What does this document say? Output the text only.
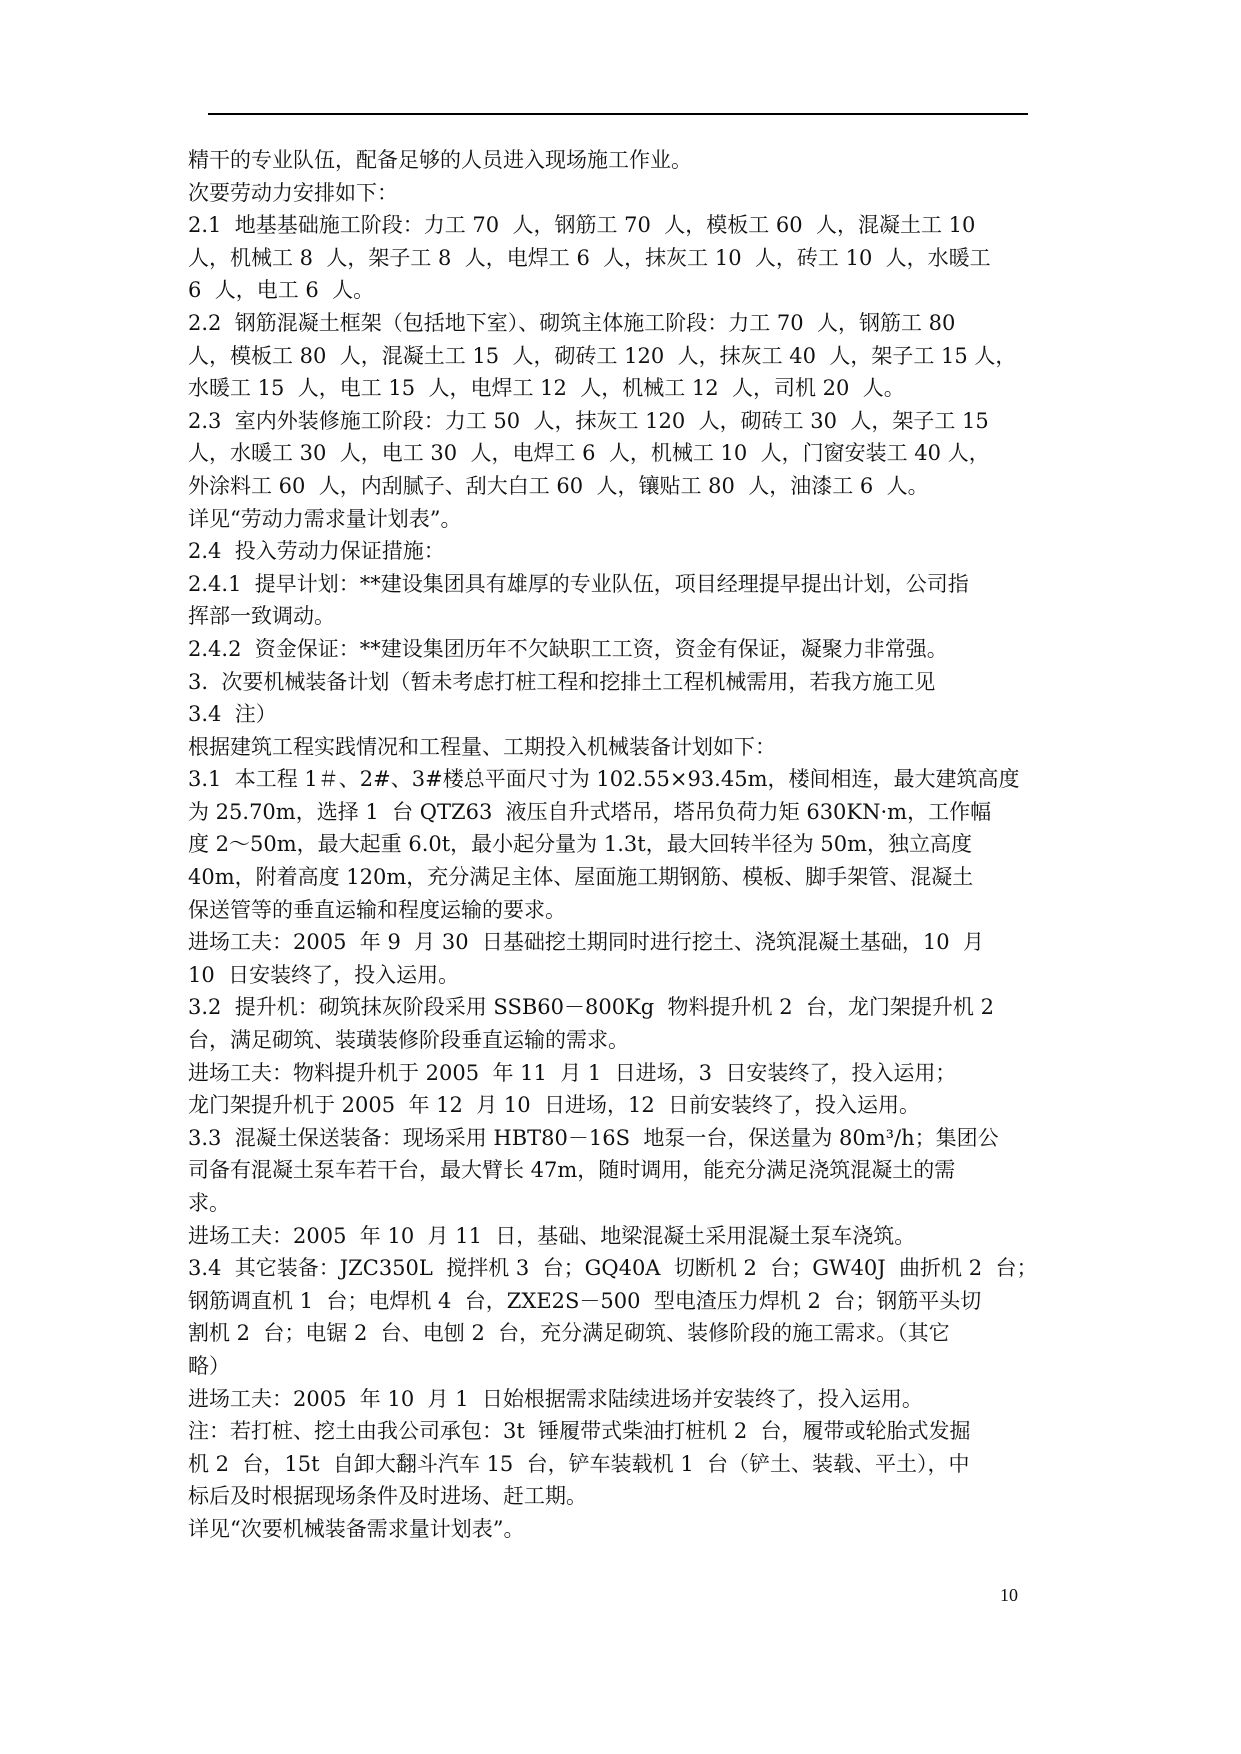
精干的专业队伍，配备足够的人员进入现场施工作业。
次要劳动力安排如下：
2.1  地基基础施工阶段：力工 70  人，钢筋工 70  人，模板工 60  人，混凝土工 10
人，机械工 8  人，架子工 8  人，电焊工 6  人，抹灰工 10  人，砖工 10  人，水暖工
6  人，电工 6  人。
2.2  钢筋混凝土框架（包括地下室）、砌筑主体施工阶段：力工 70  人，钢筋工 80
人，模板工 80  人，混凝土工 15  人，砌砖工 120  人，抹灰工 40  人，架子工 15 人，
水暖工 15  人，电工 15  人，电焊工 12  人，机械工 12  人，司机 20  人。
2.3  室内外装修施工阶段：力工 50  人，抹灰工 120  人，砌砖工 30  人，架子工 15
人，水暖工 30  人，电工 30  人，电焊工 6  人，机械工 10  人，门窗安装工 40 人，
外涂料工 60  人，内刮腻子、刮大白工 60  人，镶贴工 80  人，油漆工 6  人。
详见“劳动力需求量计划表”。
2.4  投入劳动力保证措施：
2.4.1  提早计划：**建设集团具有雄厚的专业队伍，项目经理提早提出计划，公司指
挥部一致调动。
2.4.2  资金保证：**建设集团历年不欠缺职工工资，资金有保证，凝聚力非常强。
3.  次要机械装备计划（暂未考虑打桩工程和挖排土工程机械需用，若我方施工见
3.4  注）
根据建筑工程实践情况和工程量、工期投入机械装备计划如下：
3.1  本工程 1＃、2#、3#楼总平面尺寸为 102.55×93.45m，楼间相连，最大建筑高度
为 25.70m，选择 1  台 QTZ63  液压自升式塔吊，塔吊负荷力矩 630KN·m，工作幅
度 2～50m，最大起重 6.0t，最小起分量为 1.3t，最大回转半径为 50m，独立高度
40m，附着高度 120m，充分满足主体、屋面施工期钢筋、模板、脚手架管、混凝土
保送管等的垂直运输和程度运输的要求。
进场工夫：2005  年 9  月 30  日基础挖土期同时进行挖土、浇筑混凝土基础，10  月
10  日安装终了，投入运用。
3.2  提升机：砌筑抹灰阶段采用 SSB60－800Kg  物料提升机 2  台，龙门架提升机 2
台，满足砌筑、装璜装修阶段垂直运输的需求。
进场工夫：物料提升机于 2005  年 11  月 1  日进场，3  日安装终了，投入运用；
龙门架提升机于 2005  年 12  月 10  日进场，12  日前安装终了，投入运用。
3.3  混凝土保送装备：现场采用 HBT80－16S  地泵一台，保送量为 80m³/h；集团公
司备有混凝土泵车若干台，最大臂长 47m，随时调用，能充分满足浇筑混凝土的需
求。
进场工夫：2005  年 10  月 11  日，基础、地梁混凝土采用混凝土泵车浇筑。
3.4  其它装备：JZC350L  搅拌机 3  台；GQ40A  切断机 2  台；GW40J  曲折机 2  台；
钢筋调直机 1  台；电焊机 4  台，ZXE2S－500  型电渣压力焊机 2  台；钢筋平头切
割机 2  台；电锯 2  台、电刨 2  台，充分满足砌筑、装修阶段的施工需求。（其它
略）
进场工夫：2005  年 10  月 1  日始根据需求陆续进场并安装终了，投入运用。
注：若打桩、挖土由我公司承包：3t  锤履带式柴油打桩机 2  台，履带或轮胎式发掘
机 2  台，15t  自卸大翻斗汽车 15  台，铲车装载机 1  台（铲土、装载、平土），中
标后及时根据现场条件及时进场、赶工期。
详见“次要机械装备需求量计划表”。
10
